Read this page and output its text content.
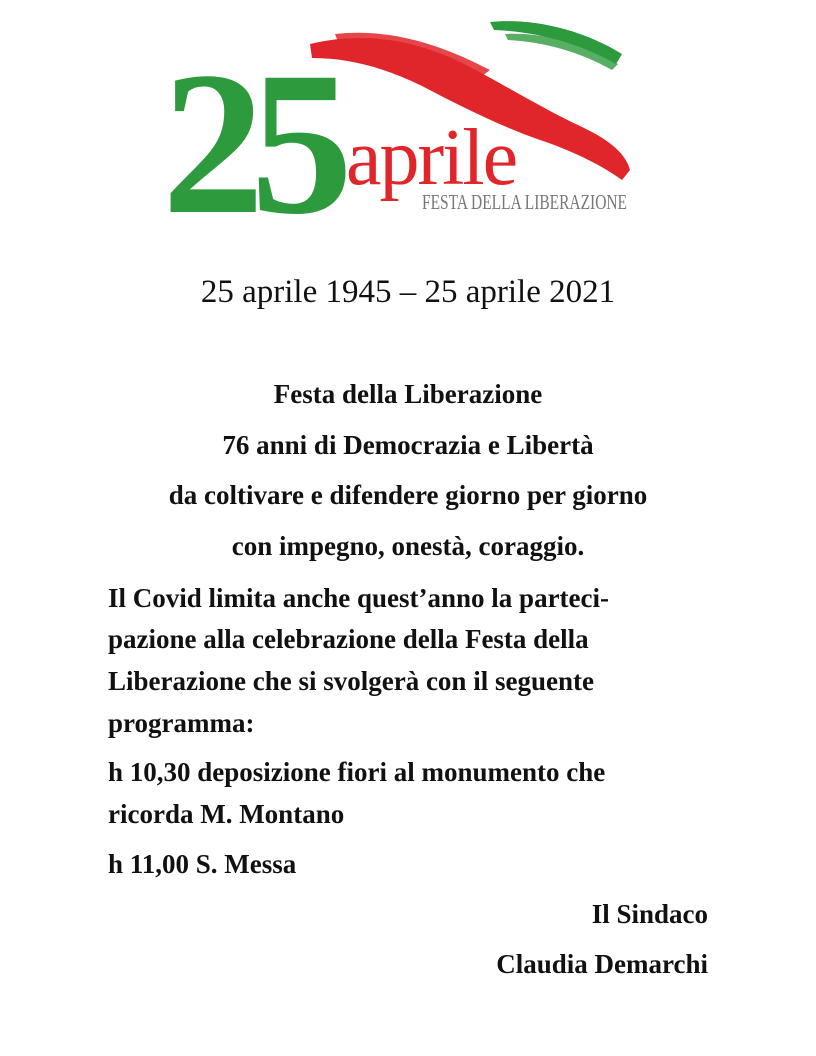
25 aprile
FESTA DELLA LIBERAZIONE
25 aprile 1945 – 25 aprile 2021

Festa della Liberazione

76 anni di Democrazia e Libertà

da coltivare e difendere giorno per giorno

con impegno, onestà, coraggio.

Il Covid limita anche quest’anno la parteci-

pazione alla celebrazione della Festa della

Liberazione che si svolgerà con il seguente

programma:

h 10,30 deposizione fiori al monumento che

ricorda M. Montano

h 11,00 S. Messa

Il Sindaco

Claudia Demarchi
